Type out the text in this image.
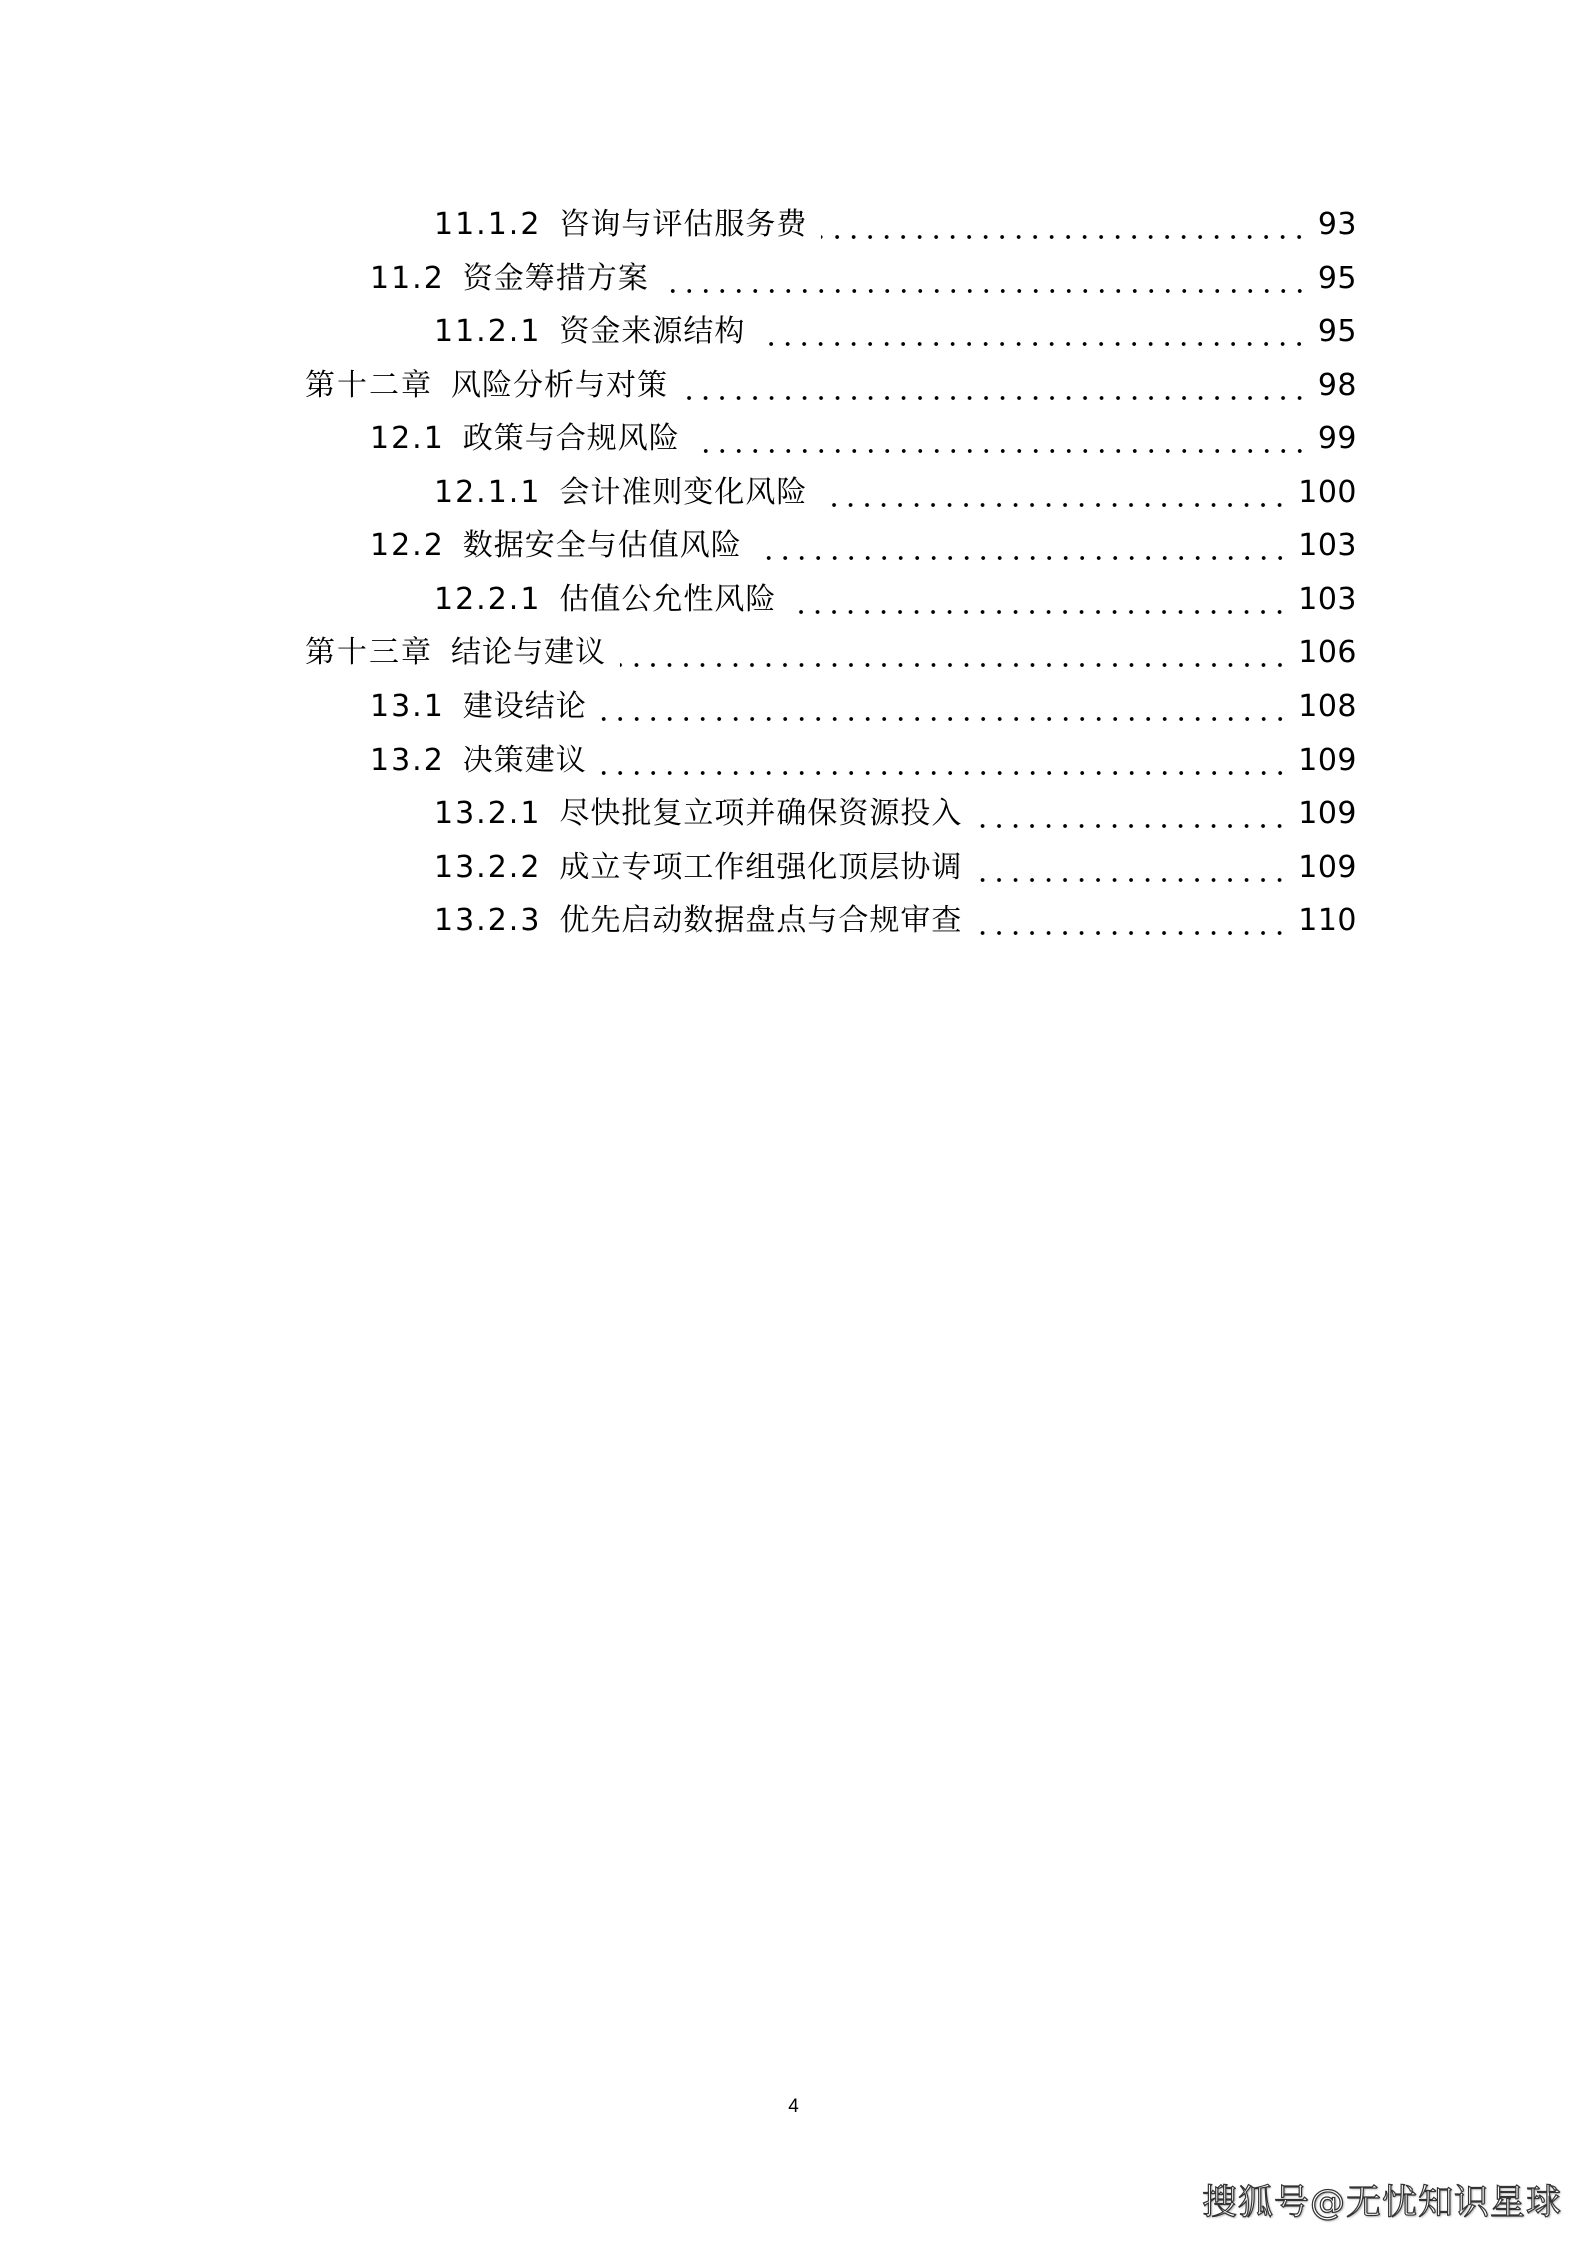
11.1.2 咨询与评估服务费	93
11.2 资金筹措方案	95
11.2.1 资金来源结构	95
第十二章 风险分析与对策	98
12.1 政策与合规风险	99
12.1.1 会计准则变化风险	100
12.2 数据安全与估值风险	103
12.2.1 估值公允性风险	103
第十三章 结论与建议	106
13.1 建设结论	108
13.2 决策建议	109
13.2.1 尽快批复立项并确保资源投入	109
13.2.2 成立专项工作组强化顶层协调	109
13.2.3 优先启动数据盘点与合规审查	110
4
搜狐号@无忧知识星球
